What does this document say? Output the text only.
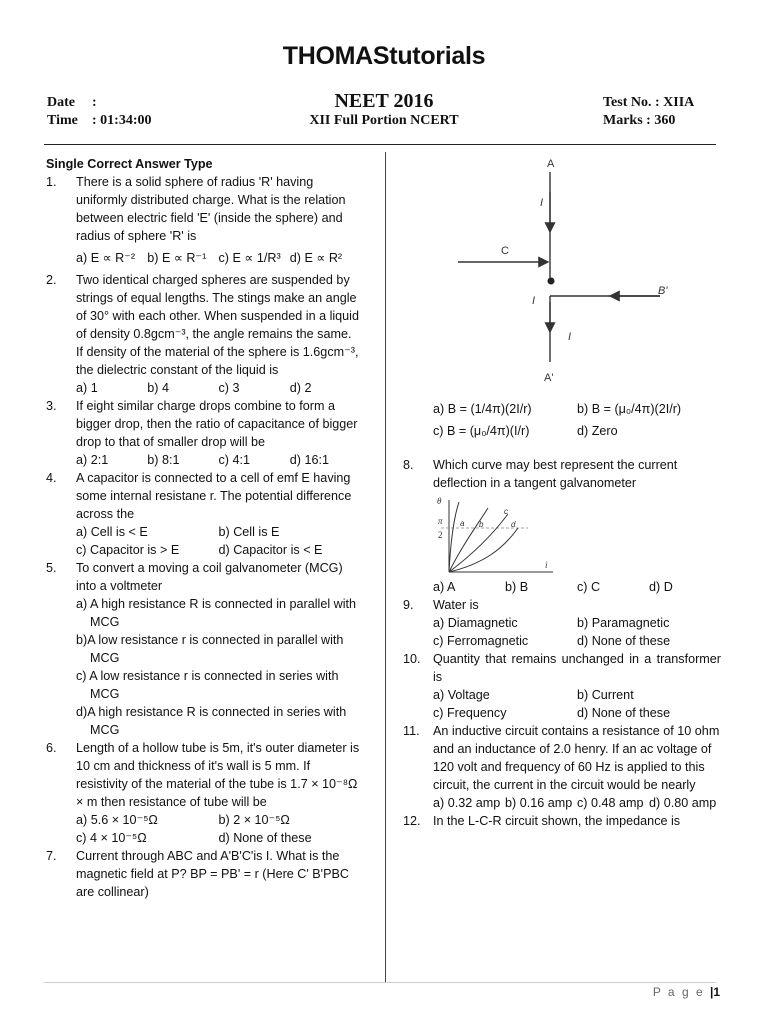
THOMAStutorials
Date :
Time : 01:34:00
NEET 2016
XII Full Portion NCERT
Test No. : XIIA
Marks : 360
Single Correct Answer Type
1. There is a solid sphere of radius 'R' having uniformly distributed charge. What is the relation between electric field 'E' (inside the sphere) and radius of sphere 'R' is
a) E ∝ R⁻² b) E ∝ R⁻¹ c) E ∝ 1/R³ d) E ∝ R²
2. Two identical charged spheres are suspended by strings of equal lengths. The stings make an angle of 30° with each other. When suspended in a liquid of density 0.8gcm⁻³, the angle remains the same. If density of the material of the sphere is 1.6gcm⁻³, the dielectric constant of the liquid is
a) 1	b) 4	c) 3	d) 2
3. If eight similar charge drops combine to form a bigger drop, then the ratio of capacitance of bigger drop to that of smaller drop will be
a) 2:1	b) 8:1	c) 4:1	d) 16:1
4. A capacitor is connected to a cell of emf E having some internal resistane r. The potential difference across the
a) Cell is < E	b) Cell is E
c) Capacitor is > E	d) Capacitor is < E
5. To convert a moving a coil galvanometer (MCG) into a voltmeter
a) A high resistance R is connected in parallel with MCG
b)A low resistance r is connected in parallel with MCG
c) A low resistance r is connected in series with MCG
d)A high resistance R is connected in series with MCG
6. Length of a hollow tube is 5m, it's outer diameter is 10 cm and thickness of it's wall is 5 mm. If resistivity of the material of the tube is 1.7 × 10⁻⁸Ω × m then resistance of tube will be
a) 5.6 × 10⁻⁵Ω	b) 2 × 10⁻⁵Ω
c) 4 × 10⁻⁵Ω	d) None of these
7. Current through ABC and A'B'C'is I. What is the magnetic field at P? BP = PB' = r (Here C' B'PBC are collinear)
A
I
C
I
B'
I
A'
a) B = (1/4π)(2I/r)	b) B = (μ₀/4π)(2I/r)
c) B = (μ₀/4π)(I/r)	d) Zero
8. Which curve may best represent the current deflection in a tangent galvanometer
θ
π
2
a b
c
d
i
a) A	b) B	c) C	d) D
9. Water is
a) Diamagnetic	b) Paramagnetic
c) Ferromagnetic	d) None of these
10. Quantity that remains unchanged in a transformer is
a) Voltage	b) Current
c) Frequency	d) None of these
11. An inductive circuit contains a resistance of 10 ohm and an inductance of 2.0 henry. If an ac voltage of 120 volt and frequency of 60 Hz is applied to this circuit, the current in the circuit would be nearly
a) 0.32 amp b) 0.16 amp c) 0.48 amp d) 0.80 amp
12. In the L-C-R circuit shown, the impedance is
P a g e |1
